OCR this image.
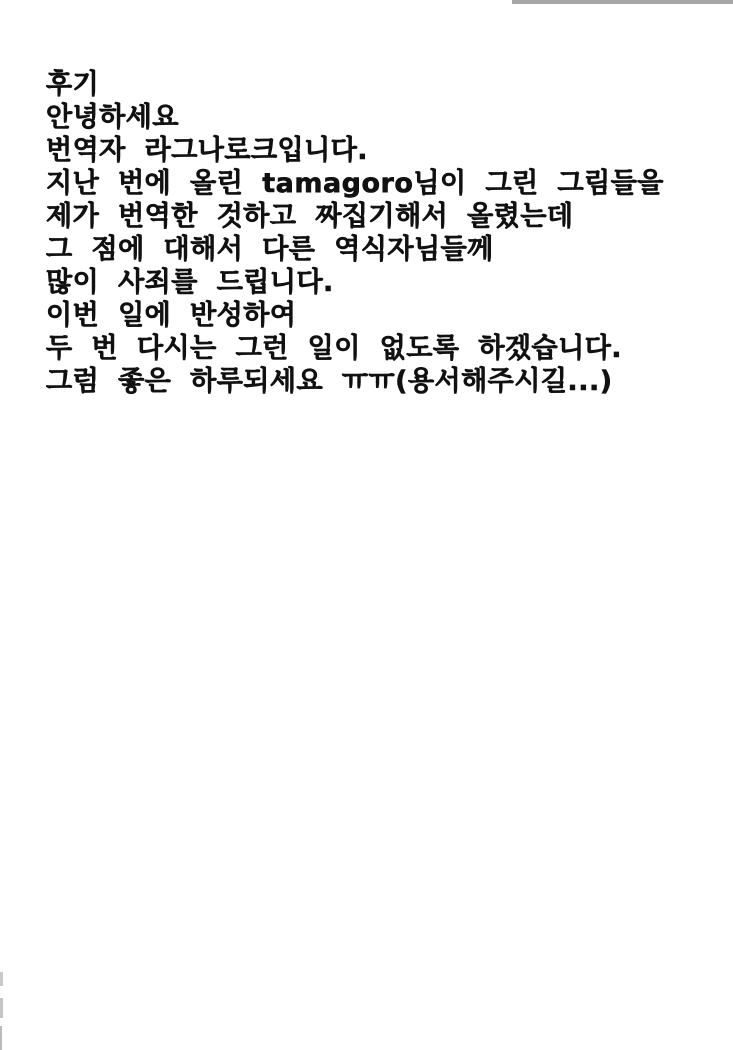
후기
안녕하세요
번역자 라그나로크입니다.
지난 번에 올린 tamagoro님이 그린 그림들을
제가 번역한 것하고 짜집기해서 올렸는데
그 점에 대해서 다른 역식자님들께
많이 사죄를 드립니다.
이번 일에 반성하여
두 번 다시는 그런 일이 없도록 하겠습니다.
그럼 좋은 하루되세요 ㅠㅠ(용서해주시길...)
